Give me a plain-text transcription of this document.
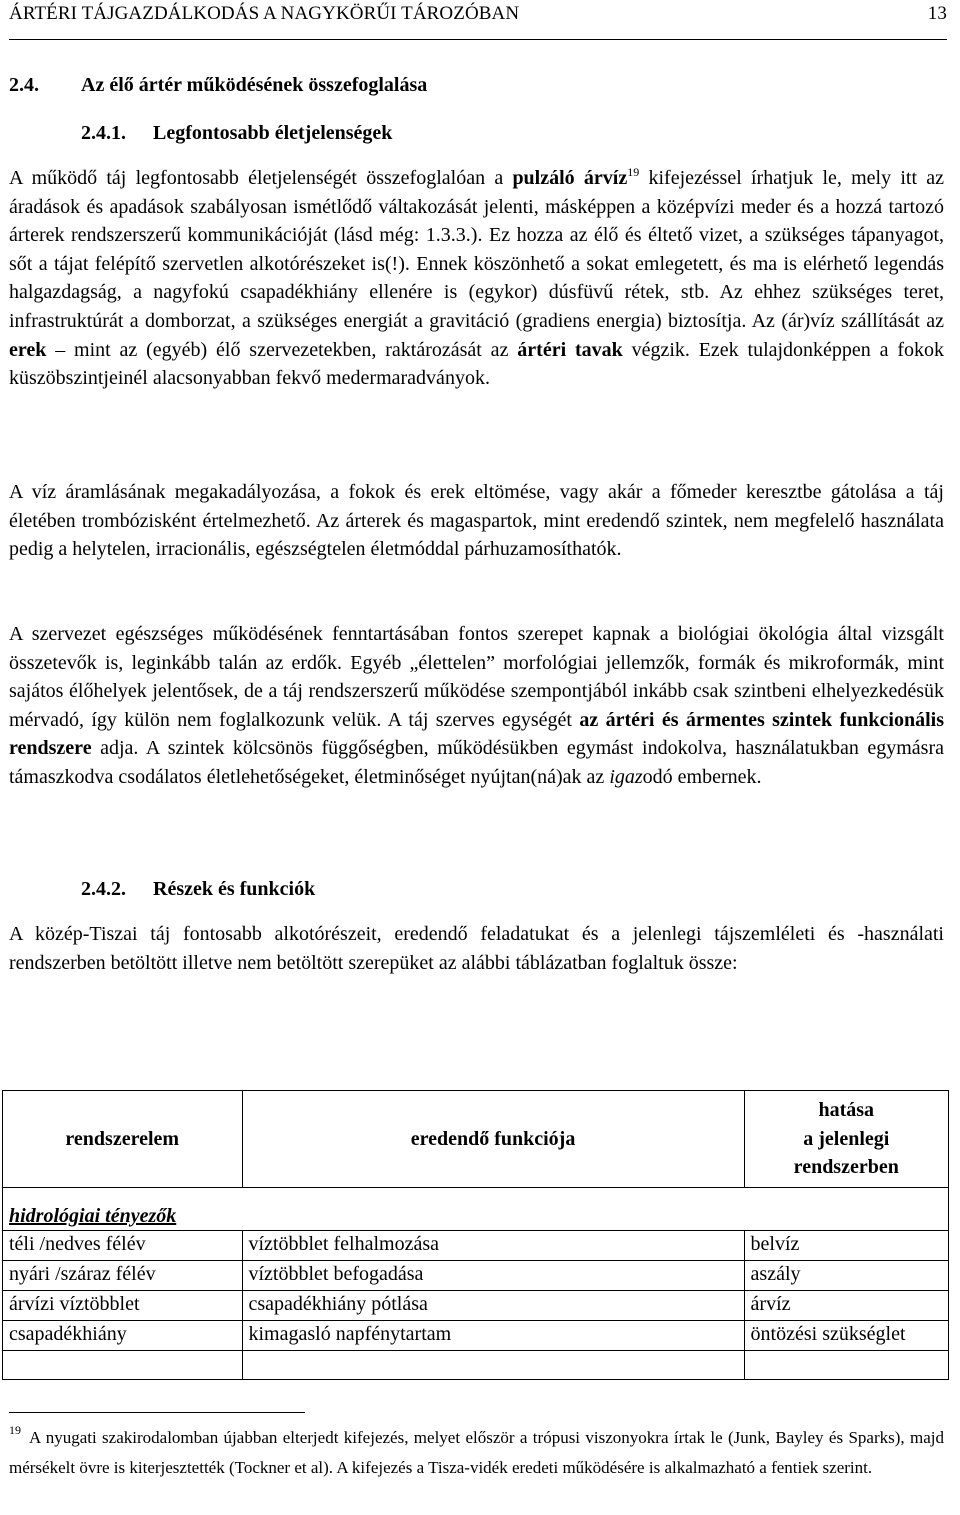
ÁRTÉRI TÁJGAZDÁLKODÁS A NAGYKÖRŰI TÁROZÓBAN	13
2.4. Az élő ártér működésének összefoglalása
2.4.1. Legfontosabb életjelenségek

A működő táj legfontosabb életjelenségét összefoglalóan a pulzáló árvíz$^{19}$ kifejezéssel írhatjuk le, mely itt az áradások és apadások szabályosan ismétlődő váltakozását jelenti, másképpen a középvízi meder és a hozzá tartozó árterek rendszerszerű kommunikációját (lásd még: 1.3.3.). Ez hozza az élő és éltető vizet, a szükséges tápanyagot, sőt a tájat felépítő szervetlen alkotórészeket is(!). Ennek köszönhető a sokat emlegetett, és ma is elérhető legendás halgazdagság, a nagyfokú csapadékhiány ellenére is (egykor) dúsfüvű rétek, stb. Az ehhez szükséges teret, infrastruktúrát a domborzat, a szükséges energiát a gravitáció (gradiens energia) biztosítja. Az (ár)víz szállítását az erek – mint az (egyéb) élő szervezetekben, raktározását az ártéri tavak végzik. Ezek tulajdonképpen a fokok küszöbszintjeinél alacsonyabban fekvő medermaradványok.

A víz áramlásának megakadályozása, a fokok és erek eltömése, vagy akár a főmeder keresztbe gátolása a táj életében trombózisként értelmezhető. Az árterek és magaspartok, mint eredendő szintek, nem megfelelő használata pedig a helytelen, irracionális, egészségtelen életmóddal párhuzamosíthatók.

A szervezet egészséges működésének fenntartásában fontos szerepet kapnak a biológiai ökológia által vizsgált összetevők is, leginkább talán az erdők. Egyéb „élettelen” morfológiai jellemzők, formák és mikroformák, mint sajátos élőhelyek jelentősek, de a táj rendszerszerű működése szempontjából inkább csak szintbeni elhelyezkedésük mérvadó, így külön nem foglalkozunk velük. A táj szerves egységét az ártéri és ármentes szintek funkcionális rendszere adja. A szintek kölcsönös függőségben, működésükben egymást indokolva, használatukban egymásra támaszkodva csodálatos életlehetőségeket, életminőséget nyújtan(ná)ak az igazodó embernek.

2.4.2. Részek és funkciók

A közép-Tiszai táj fontosabb alkotórészeit, eredendő feladatukat és a jelenlegi tájszemléleti és -használati rendszerben betöltött illetve nem betöltött szerepüket az alábbi táblázatban foglaltuk össze:

rendszerelem	eredendő funkciója	hatása
a jelenlegi
rendszerben
hidrológiai tényezők		
téli /nedves félév	víztöbblet felhalmozása	belvíz
nyári /száraz félév	víztöbblet befogadása	aszály
árvízi víztöbblet	csapadékhiány pótlása	árvíz
csapadékhiány	kimagasló napfénytartam	öntözési szükséglet

$^{19}$ A nyugati szakirodalomban újabban elterjedt kifejezés, melyet először a trópusi viszonyokra írtak le (Junk, Bayley és Sparks), majd mérsékelt övre is kiterjesztették (Tockner et al). A kifejezés a Tisza-vidék eredeti működésére is alkalmazható a fentiek szerint.
